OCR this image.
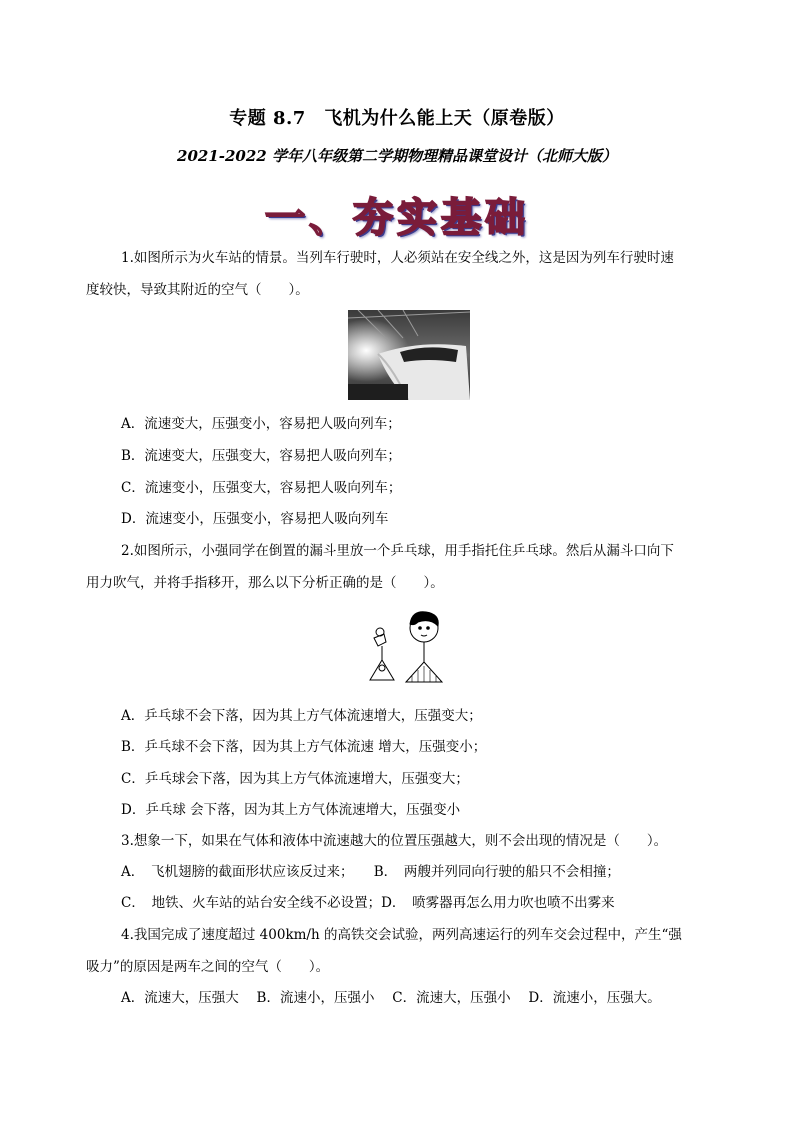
专题 8.7　飞机为什么能上天（原卷版）
2021-2022 学年八年级第二学期物理精品课堂设计（北师大版）
一、夯实基础
1.如图所示为火车站的情景。当列车行驶时，人必须站在安全线之外，这是因为列车行驶时速
度较快，导致其附近的空气（　　）。
A．流速变大，压强变小，容易把人吸向列车；
B．流速变大，压强变大，容易把人吸向列车；
C．流速变小，压强变大，容易把人吸向列车；
D．流速变小，压强变小，容易把人吸向列车
2.如图所示，小强同学在倒置的漏斗里放一个乒乓球，用手指托住乒乓球。然后从漏斗口向下
用力吹气，并将手指移开，那么以下分析正确的是（　　）。
A．乒乓球不会下落，因为其上方气体流速增大，压强变大；
B．乒乓球不会下落，因为其上方气体流速 增大，压强变小；
C．乒乓球会下落，因为其上方气体流速增大，压强变大；
D．乒乓球 会下落，因为其上方气体流速增大，压强变小
3.想象一下，如果在气体和液体中流速越大的位置压强越大，则不会出现的情况是（　　）。
A．　飞机翅膀的截面形状应该反过来；　　B．　两艘并列同向行驶的船只不会相撞；
C．　地铁、火车站的站台安全线不必设置；D．　喷雾器再怎么用力吹也喷不出雾来
4.我国完成了速度超过 400km/h 的高铁交会试验，两列高速运行的列车交会过程中，产生“强
吸力”的原因是两车之间的空气（　　）。
A．流速大，压强大　 B．流速小，压强小　 C．流速大，压强小　 D．流速小，压强大。
